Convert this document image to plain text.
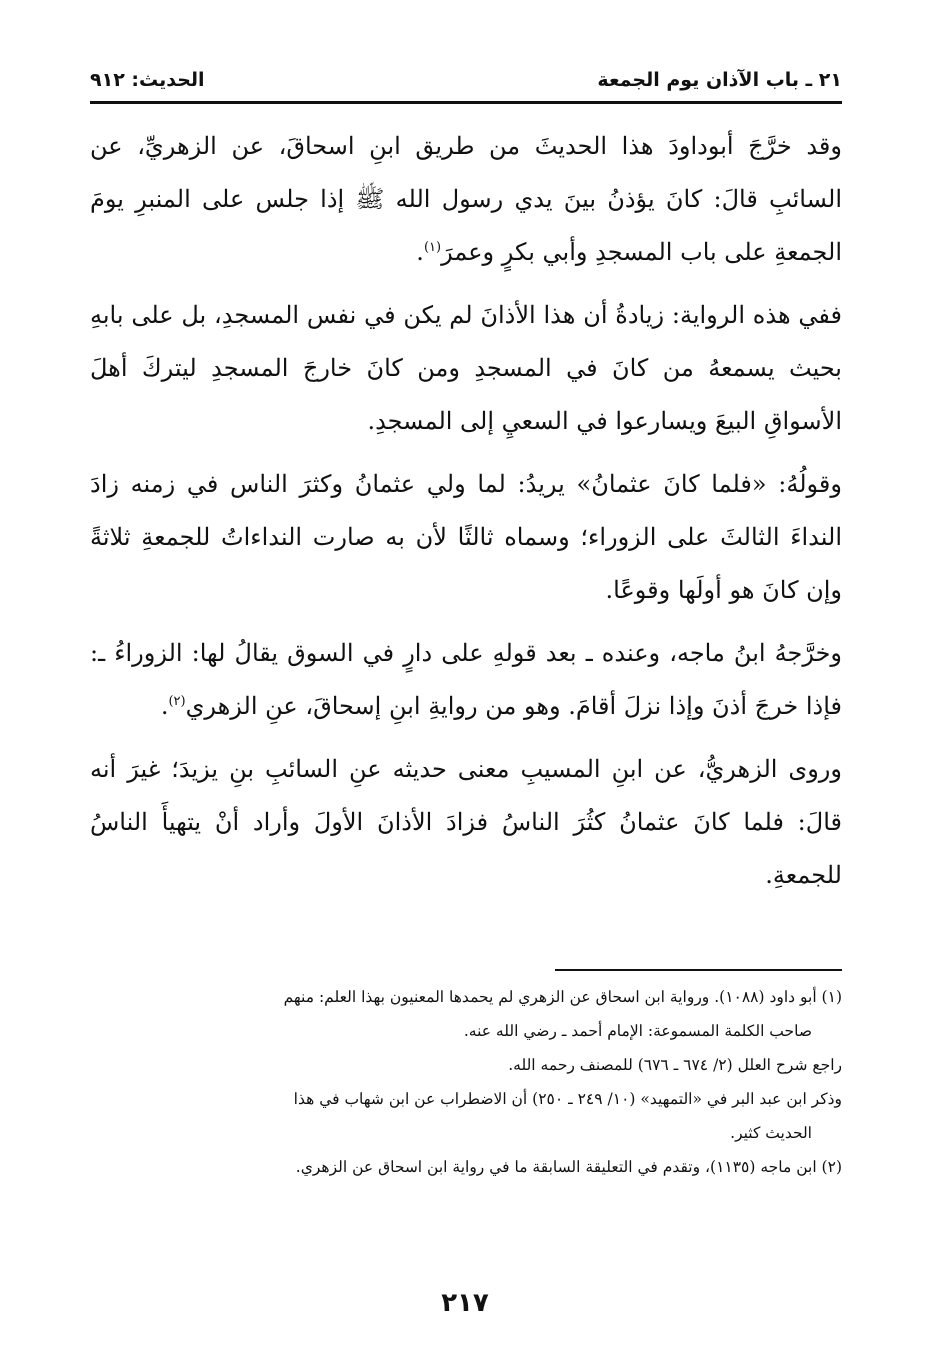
٢١ ـ باب الآذان يوم الجمعة
الحديث: ٩١٢

وقد خرَّجَ أبوداودَ هذا الحديثَ من طريق ابنِ اسحاقَ، عن الزهريِّ، عن السائبِ قالَ: كانَ يؤذنُ بينَ يدي رسول الله ﷺ إذا جلس على المنبرِ يومَ الجمعةِ على باب المسجدِ وأبي بكرٍ وعمرَ$^{(١)}$.

ففي هذه الرواية: زيادةُ أن هذا الأذانَ لم يكن في نفس المسجدِ، بل على بابهِ بحيث يسمعهُ من كانَ في المسجدِ ومن كانَ خارجَ المسجدِ ليتركَ أهلَ الأسواقِ البيعَ ويسارعوا في السعيِ إلى المسجدِ.

وقولُهُ: «فلما كانَ عثمانُ» يريدُ: لما ولي عثمانُ وكثرَ الناس في زمنه زادَ النداءَ الثالثَ على الزوراء؛ وسماه ثالثًا لأن به صارت النداءاتُ للجمعةِ ثلاثةً وإن كانَ هو أولَها وقوعًا.

وخرَّجهُ ابنُ ماجه، وعنده ـ بعد قولهِ على دارٍ في السوق يقالُ لها: الزوراءُ ـ: فإذا خرجَ أذنَ وإذا نزلَ أقامَ. وهو من روايةِ ابنِ إسحاقَ، عنِ الزهري$^{(٢)}$.

وروى الزهريُّ، عن ابنِ المسيبِ معنى حديثه عنِ السائبِ بنِ يزيدَ؛ غيرَ أنه قالَ: فلما كانَ عثمانُ كثُرَ الناسُ فزادَ الأذانَ الأولَ وأراد أنْ يتهيأَ الناسُ للجمعةِ.

(١) أبو داود (١٠٨٨). ورواية ابن اسحاق عن الزهري لم يحمدها المعنيون بهذا العلم: منهم

صاحب الكلمة المسموعة: الإمام أحمد ـ رضي الله عنه.

راجع شرح العلل (٢/ ٦٧٤ ـ ٦٧٦) للمصنف رحمه الله.

وذكر ابن عبد البر في «التمهيد» (١٠/ ٢٤٩ ـ ٢٥٠) أن الاضطراب عن ابن شهاب في هذا

الحديث كثير.

(٢) ابن ماجه (١١٣٥)، وتقدم في التعليقة السابقة ما في رواية ابن اسحاق عن الزهري.

٢١٧
